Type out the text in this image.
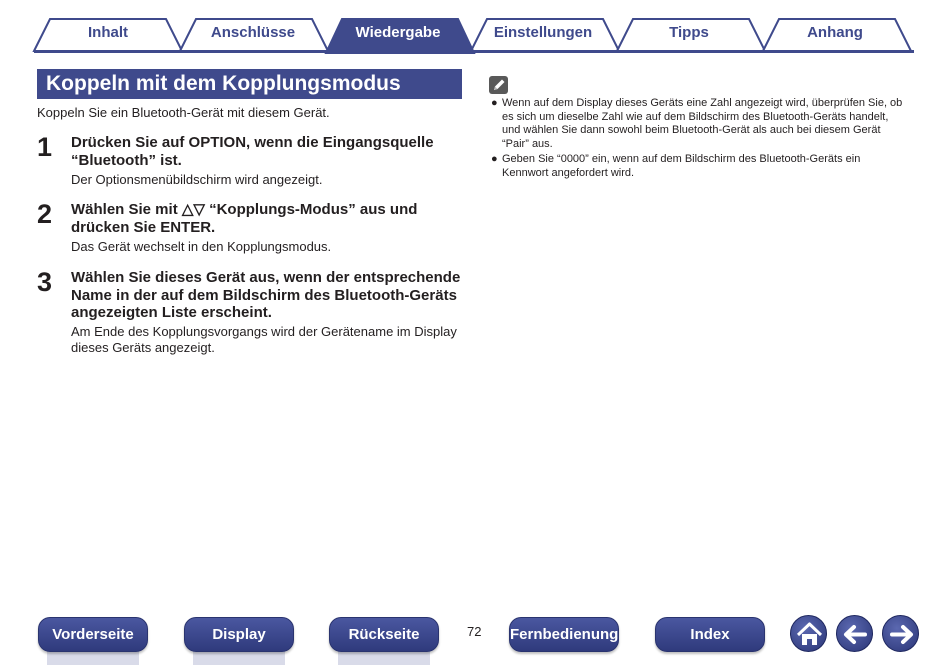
Inhalt	Anschlüsse	Wiedergabe	Einstellungen	Tipps	Anhang
Koppeln mit dem Kopplungsmodus
Koppeln Sie ein Bluetooth-Gerät mit diesem Gerät.
1 Drücken Sie auf OPTION, wenn die Eingangsquelle
“Bluetooth” ist.
Der Optionsmenübildschirm wird angezeigt.
2 Wählen Sie mit △▽ “Kopplungs-Modus” aus und
drücken Sie ENTER.
Das Gerät wechselt in den Kopplungsmodus.
3 Wählen Sie dieses Gerät aus, wenn der entsprechende
Name in der auf dem Bildschirm des Bluetooth-Geräts
angezeigten Liste erscheint.
Am Ende des Kopplungsvorgangs wird der Gerätename im Display
dieses Geräts angezeigt.
● Wenn auf dem Display dieses Geräts eine Zahl angezeigt wird, überprüfen Sie, ob
es sich um dieselbe Zahl wie auf dem Bildschirm des Bluetooth-Geräts handelt,
und wählen Sie dann sowohl beim Bluetooth-Gerät als auch bei diesem Gerät
“Pair” aus.
● Geben Sie “0000” ein, wenn auf dem Bildschirm des Bluetooth-Geräts ein
Kennwort angefordert wird.
Vorderseite	Display	Rückseite	72 Fernbedienung	Index
